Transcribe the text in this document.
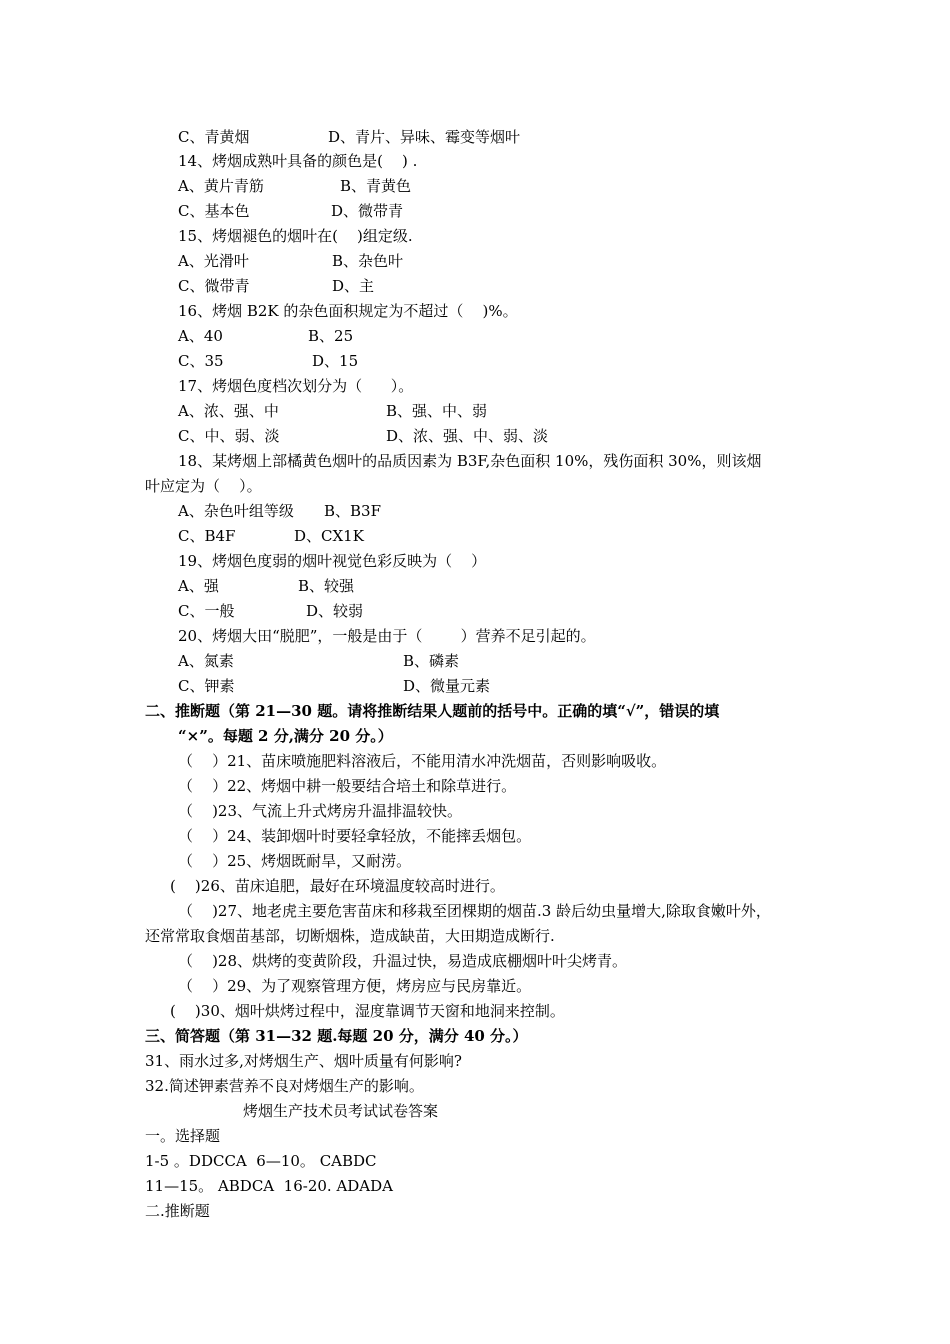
C、青黄烟	D、青片、异味、霉变等烟叶
14、烤烟成熟叶具备的颜色是(    ) .
A、黄片青筋	B、青黄色
C、基本色	D、微带青
15、烤烟褪色的烟叶在(    )组定级.
A、光滑叶	B、杂色叶
C、微带青	D、主
16、烤烟 B2K 的杂色面积规定为不超过（    )%。
A、40	B、25
C、35	D、15
17、烤烟色度档次划分为（      ）。
A、浓、强、中	B、强、中、弱
C、中、弱、淡	D、浓、强、中、弱、淡
18、某烤烟上部橘黄色烟叶的品质因素为 B3F,杂色面积 10%，残伤面积 30%，则该烟
叶应定为（    ）。
A、杂色叶组等级 B、B3F
C、B4F	D、CX1K
19、烤烟色度弱的烟叶视觉色彩反映为（    ）
A、强	B、较强
C、一般	D、较弱
20、烤烟大田“脱肥”，一般是由于（        ）营养不足引起的。
A、氮素	B、磷素
C、钾素	D、微量元素
二、推断题（第 21—30 题。请将推断结果人题前的括号中。正确的填“√”，错误的填
“×”。每题 2 分,满分 20 分。）
（    ）21、苗床喷施肥料溶液后，不能用清水冲洗烟苗，否则影响吸收。
（    ）22、烤烟中耕一般要结合培土和除草进行。
（    )23、气流上升式烤房升温排温较快。
（    ）24、装卸烟叶时要轻拿轻放，不能摔丢烟包。
（    ）25、烤烟既耐旱，又耐涝。
(    )26、苗床追肥，最好在环境温度较高时进行。
（    )27、地老虎主要危害苗床和移栽至团棵期的烟苗.3 龄后幼虫量增大,除取食嫩叶外，
还常常取食烟苗基部，切断烟株，造成缺苗，大田期造成断行.
（    )28、烘烤的变黄阶段，升温过快，易造成底棚烟叶叶尖烤青。
（    ）29、为了观察管理方便，烤房应与民房靠近。
(    )30、烟叶烘烤过程中，湿度靠调节天窗和地洞来控制。
三、简答题（第 31—32 题.每题 20 分，满分 40 分。）
31、雨水过多,对烤烟生产、烟叶质量有何影响?
32.简述钾素营养不良对烤烟生产的影响。
烤烟生产技术员考试试卷答案
一。选择题
1-5 。DDCCA  6—10。 CABDC
11—15。 ABDCA  16-20. ADADA
二.推断题
